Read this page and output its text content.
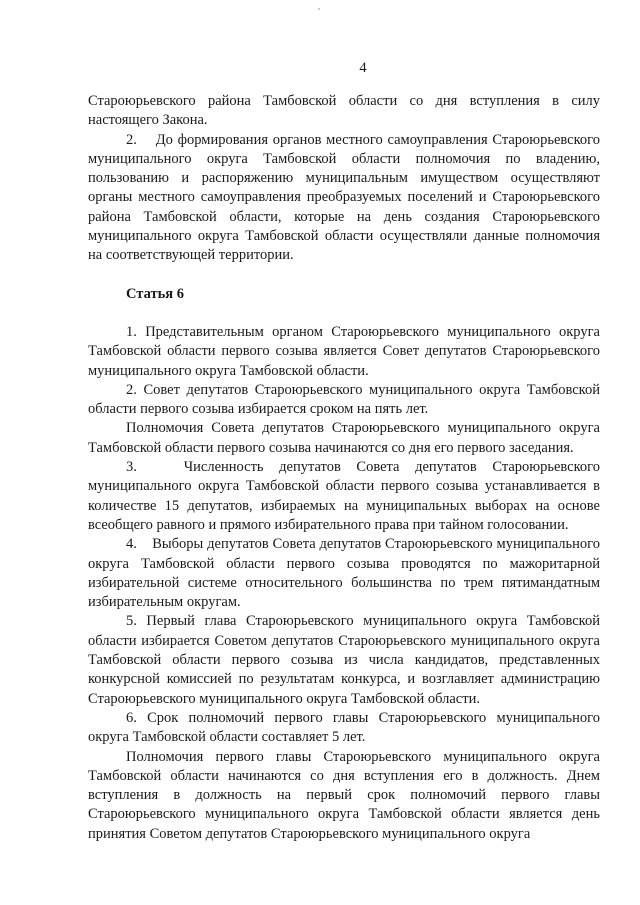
4

Староюрьевского района Тамбовской области со дня вступления в силу настоящего Закона.

2.    До формирования органов местного самоуправления Староюрьевского муниципального округа Тамбовской области полномочия по владению, пользованию и распоряжению муниципальным имуществом осуществляют органы местного самоуправления преобразуемых поселений и Староюрьевского района Тамбовской области, которые на день создания Староюрьевского муниципального округа Тамбовской области осуществляли данные полномочия на соответствующей территории.

Статья 6

1. Представительным органом Староюрьевского муниципального округа Тамбовской области первого созыва является Совет депутатов Староюрьевского муниципального округа Тамбовской области.

2. Совет депутатов Староюрьевского муниципального округа Тамбовской области первого созыва избирается сроком на пять лет.

Полномочия Совета депутатов Староюрьевского муниципального округа Тамбовской области первого созыва начинаются со дня его первого заседания.

3.   Численность депутатов Совета депутатов Староюрьевского муниципального округа Тамбовской области первого созыва устанавливается в количестве 15 депутатов, избираемых на муниципальных выборах на основе всеобщего равного и прямого избирательного права при тайном голосовании.

4.    Выборы депутатов Совета депутатов Староюрьевского муниципального округа Тамбовской области первого созыва проводятся по мажоритарной избирательной системе относительного большинства по трем пятимандатным избирательным округам.

5. Первый глава Староюрьевского муниципального округа Тамбовской области избирается Советом депутатов Староюрьевского муниципального округа Тамбовской области первого созыва из числа кандидатов, представленных конкурсной комиссией по результатам конкурса, и возглавляет администрацию Староюрьевского муниципального округа Тамбовской области.

6. Срок полномочий первого главы Староюрьевского муниципального округа Тамбовской области составляет 5 лет.

Полномочия первого главы Староюрьевского муниципального округа Тамбовской области начинаются со дня вступления его в должность. Днем вступления в должность на первый срок полномочий первого главы Староюрьевского муниципального округа Тамбовской области является день принятия Советом депутатов Староюрьевского муниципального округа
